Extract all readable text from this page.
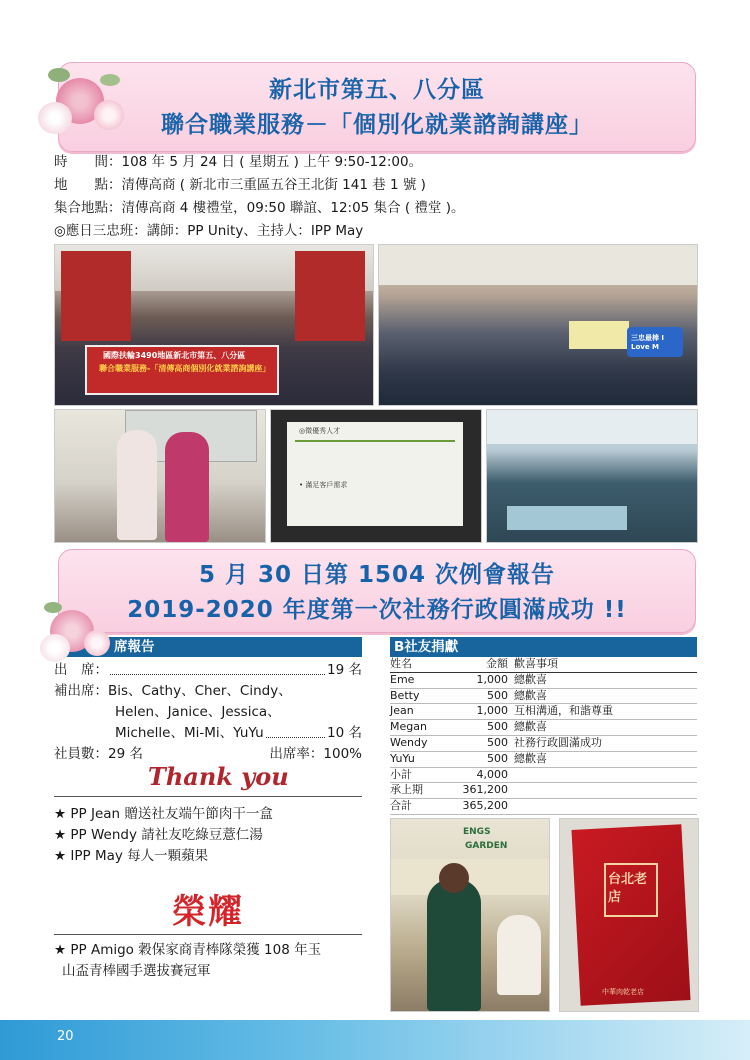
新北市第五、八分區
聯合職業服務－「個別化就業諮詢講座」
時　　間： 108 年 5 月 24 日 ( 星期五 ) 上午 9:50-12:00。
地　　點： 清傳高商 ( 新北市三重區五谷王北街 141 巷 1 號 )
集合地點： 清傳高商 4 樓禮堂，09:50 聯誼、12:05 集合 ( 禮堂 )。
◎應日三忠班：講師：PP Unity、主持人：IPP May
國際扶輪3490地區新北市第五、八分區
聯合職業服務-「清傳高商個別化就業諮詢講座」
三忠最棒 I Love M
◎徵優秀人才
• 滿足客戶需求
5 月 30 日第 1504 次例會報告
2019-2020 年度第一次社務行政圓滿成功 !!
席報告
出　席：	19 名
補出席： Bis、Cathy、Cher、Cindy、
Helen、Janice、Jessica、
Michelle、Mi-Mi、YuYu	10 名
社員數：29 名	出席率：100%
Thank you
★ PP Jean 贈送社友端午節肉干一盒
★ PP Wendy 請社友吃綠豆薏仁湯
★ IPP May 每人一顆蘋果
榮耀
★ PP Amigo 穀保家商青棒隊榮獲 108 年玉
山盃青棒國手選拔賽冠軍
B社友捐獻
姓名	金額	歡喜事項
Eme	1,000	總歡喜
Betty	500	總歡喜
Jean	1,000	互相溝通，和諧尊重
Megan	500	總歡喜
Wendy	500	社務行政圓滿成功
YuYu	500	總歡喜
小計	4,000	
承上期	361,200	
合計	365,200	
ENGS
GARDEN
台北老店
中華肉乾老店
20
